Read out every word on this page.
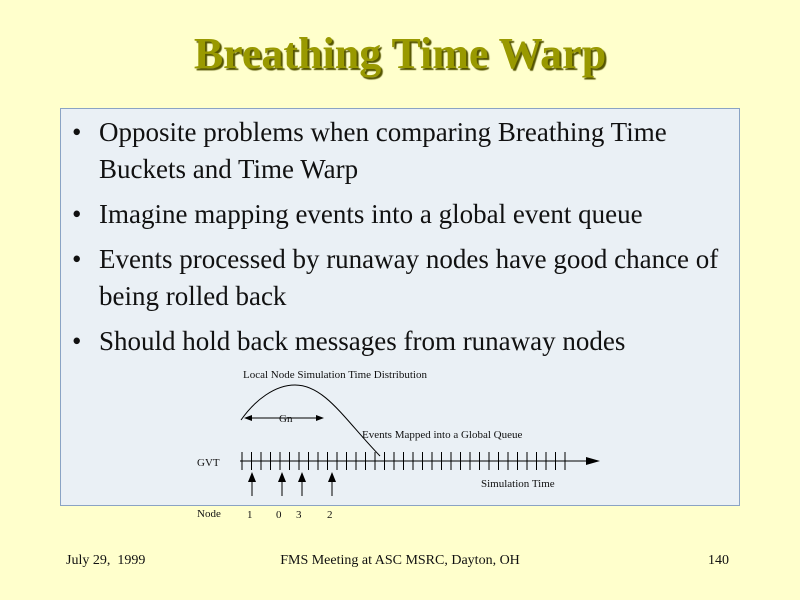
Breathing Time Warp
• Opposite problems when comparing Breathing Time Buckets and Time Warp
• Imagine mapping events into a global event queue
• Events processed by runaway nodes have good chance of being rolled back
• Should hold back messages from runaway nodes
Local Node Simulation Time Distribution
Gn
Events Mapped into a Global Queue
GVT
Simulation Time
Node 1 0 3 2
July 29,  1999	FMS Meeting at ASC MSRC, Dayton, OH	140
